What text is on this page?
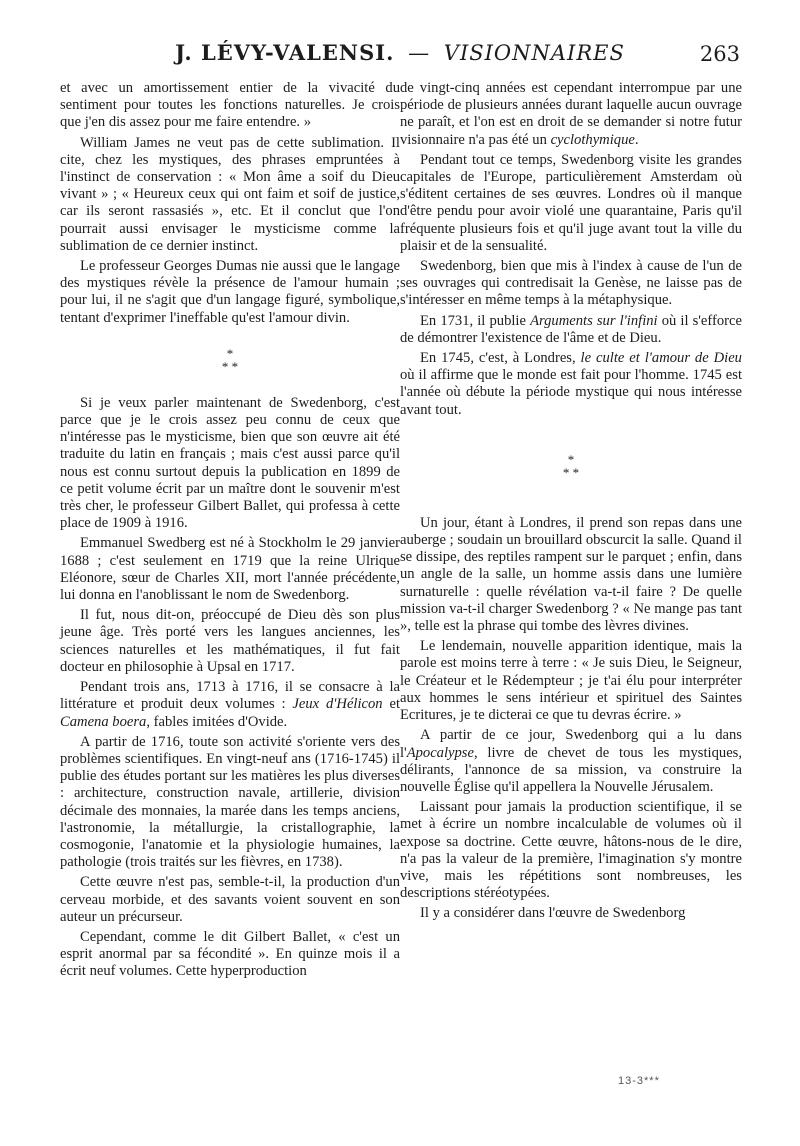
J. LÉVY-VALENSI. — VISIONNAIRES	263

et avec un amortissement entier de la vivacité du sentiment pour toutes les fonctions naturelles. Je crois que j'en dis assez pour me faire entendre. »

William James ne veut pas de cette sublimation. Il cite, chez les mystiques, des phrases empruntées à l'instinct de conservation : « Mon âme a soif du Dieu vivant » ; « Heureux ceux qui ont faim et soif de justice, car ils seront rassasiés », etc. Et il conclut que l'on pourrait aussi envisager le mysticisme comme la sublimation de ce dernier instinct.

Le professeur Georges Dumas nie aussi que le langage des mystiques révèle la présence de l'amour humain ; pour lui, il ne s'agit que d'un langage figuré, symbolique, tentant d'exprimer l'ineffable qu'est l'amour divin.

*
* *

Si je veux parler maintenant de Swedenborg, c'est parce que je le crois assez peu connu de ceux que n'intéresse pas le mysticisme, bien que son œuvre ait été traduite du latin en français ; mais c'est aussi parce qu'il nous est connu surtout depuis la publication en 1899 de ce petit volume écrit par un maître dont le souvenir m'est très cher, le professeur Gilbert Ballet, qui professa à cette place de 1909 à 1916.

Emmanuel Swedberg est né à Stockholm le 29 janvier 1688 ; c'est seulement en 1719 que la reine Ulrique Eléonore, sœur de Charles XII, mort l'année précédente, lui donna en l'anoblissant le nom de Swedenborg.

Il fut, nous dit-on, préoccupé de Dieu dès son plus jeune âge. Très porté vers les langues anciennes, les sciences naturelles et les mathématiques, il fut fait docteur en philosophie à Upsal en 1717.

Pendant trois ans, 1713 à 1716, il se consacre à la littérature et produit deux volumes : Jeux d'Hélicon et Camena boera, fables imitées d'Ovide.

A partir de 1716, toute son activité s'oriente vers des problèmes scientifiques. En vingt-neuf ans (1716-1745) il publie des études portant sur les matières les plus diverses : architecture, construction navale, artillerie, division décimale des monnaies, la marée dans les temps anciens, l'astronomie, la métallurgie, la cristallographie, la cosmogonie, l'anatomie et la physiologie humaines, la pathologie (trois traités sur les fièvres, en 1738).

Cette œuvre n'est pas, semble-t-il, la production d'un cerveau morbide, et des savants voient souvent en son auteur un précurseur.

Cependant, comme le dit Gilbert Ballet, « c'est un esprit anormal par sa fécondité ». En quinze mois il a écrit neuf volumes. Cette hyperproduction

de vingt-cinq années est cependant interrompue par une période de plusieurs années durant laquelle aucun ouvrage ne paraît, et l'on est en droit de se demander si notre futur visionnaire n'a pas été un cyclothymique.

Pendant tout ce temps, Swedenborg visite les grandes capitales de l'Europe, particulièrement Amsterdam où s'éditent certaines de ses œuvres. Londres où il manque d'être pendu pour avoir violé une quarantaine, Paris qu'il fréquente plusieurs fois et qu'il juge avant tout la ville du plaisir et de la sensualité.

Swedenborg, bien que mis à l'index à cause de l'un de ses ouvrages qui contredisait la Genèse, ne laisse pas de s'intéresser en même temps à la métaphysique.

En 1731, il publie Arguments sur l'infini où il s'efforce de démontrer l'existence de l'âme et de Dieu.

En 1745, c'est, à Londres, le culte et l'amour de Dieu où il affirme que le monde est fait pour l'homme. 1745 est l'année où débute la période mystique qui nous intéresse avant tout.

*
* *

Un jour, étant à Londres, il prend son repas dans une auberge ; soudain un brouillard obscurcit la salle. Quand il se dissipe, des reptiles rampent sur le parquet ; enfin, dans un angle de la salle, un homme assis dans une lumière surnaturelle : quelle révélation va-t-il faire ? De quelle mission va-t-il charger Swedenborg ? « Ne mange pas tant », telle est la phrase qui tombe des lèvres divines.

Le lendemain, nouvelle apparition identique, mais la parole est moins terre à terre : « Je suis Dieu, le Seigneur, le Créateur et le Rédempteur ; je t'ai élu pour interpréter aux hommes le sens intérieur et spirituel des Saintes Ecritures, je te dicterai ce que tu devras écrire. »

A partir de ce jour, Swedenborg qui a lu dans l'Apocalypse, livre de chevet de tous les mystiques, délirants, l'annonce de sa mission, va construire la nouvelle Église qu'il appellera la Nouvelle Jérusalem.

Laissant pour jamais la production scientifique, il se met à écrire un nombre incalculable de volumes où il expose sa doctrine. Cette œuvre, hâtons-nous de le dire, n'a pas la valeur de la première, l'imagination s'y montre vive, mais les répétitions sont nombreuses, les descriptions stéréotypées.

Il y a considérer dans l'œuvre de Swedenborg

13-3***
